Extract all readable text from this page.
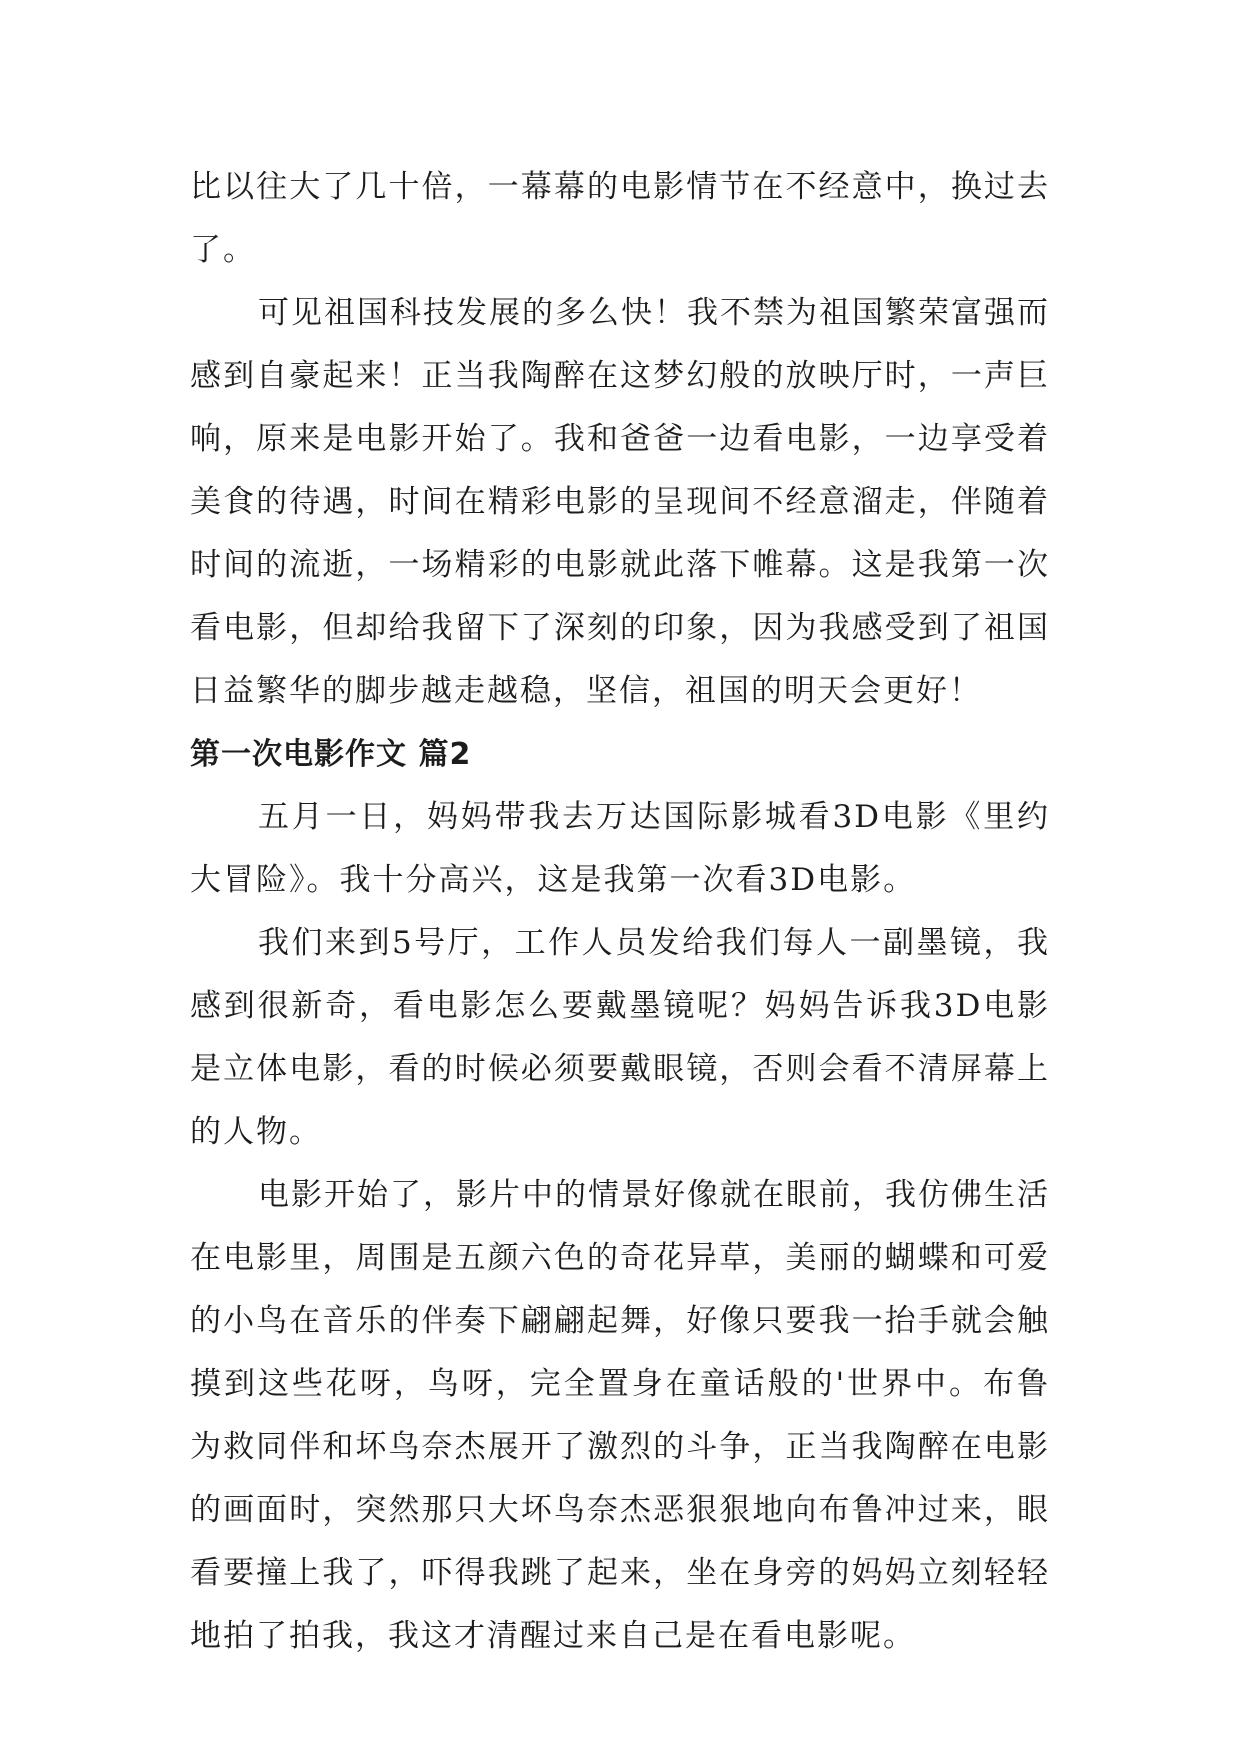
比以往大了几十倍，一幕幕的电影情节在不经意中，换过去了。

可见祖国科技发展的多么快！我不禁为祖国繁荣富强而感到自豪起来！正当我陶醉在这梦幻般的放映厅时，一声巨响，原来是电影开始了。我和爸爸一边看电影，一边享受着美食的待遇，时间在精彩电影的呈现间不经意溜走，伴随着时间的流逝，一场精彩的电影就此落下帷幕。这是我第一次看电影，但却给我留下了深刻的印象，因为我感受到了祖国日益繁华的脚步越走越稳，坚信，祖国的明天会更好！

第一次电影作文 篇2

五月一日，妈妈带我去万达国际影城看3D电影《里约大冒险》。我十分高兴，这是我第一次看3D电影。

我们来到5号厅，工作人员发给我们每人一副墨镜，我感到很新奇，看电影怎么要戴墨镜呢？妈妈告诉我3D电影是立体电影，看的时候必须要戴眼镜，否则会看不清屏幕上的人物。

电影开始了，影片中的情景好像就在眼前，我仿佛生活在电影里，周围是五颜六色的奇花异草，美丽的蝴蝶和可爱的小鸟在音乐的伴奏下翩翩起舞，好像只要我一抬手就会触摸到这些花呀，鸟呀，完全置身在童话般的'世界中。布鲁为救同伴和坏鸟奈杰展开了激烈的斗争，正当我陶醉在电影的画面时，突然那只大坏鸟奈杰恶狠狠地向布鲁冲过来，眼看要撞上我了，吓得我跳了起来，坐在身旁的妈妈立刻轻轻地拍了拍我，我这才清醒过来自己是在看电影呢。
